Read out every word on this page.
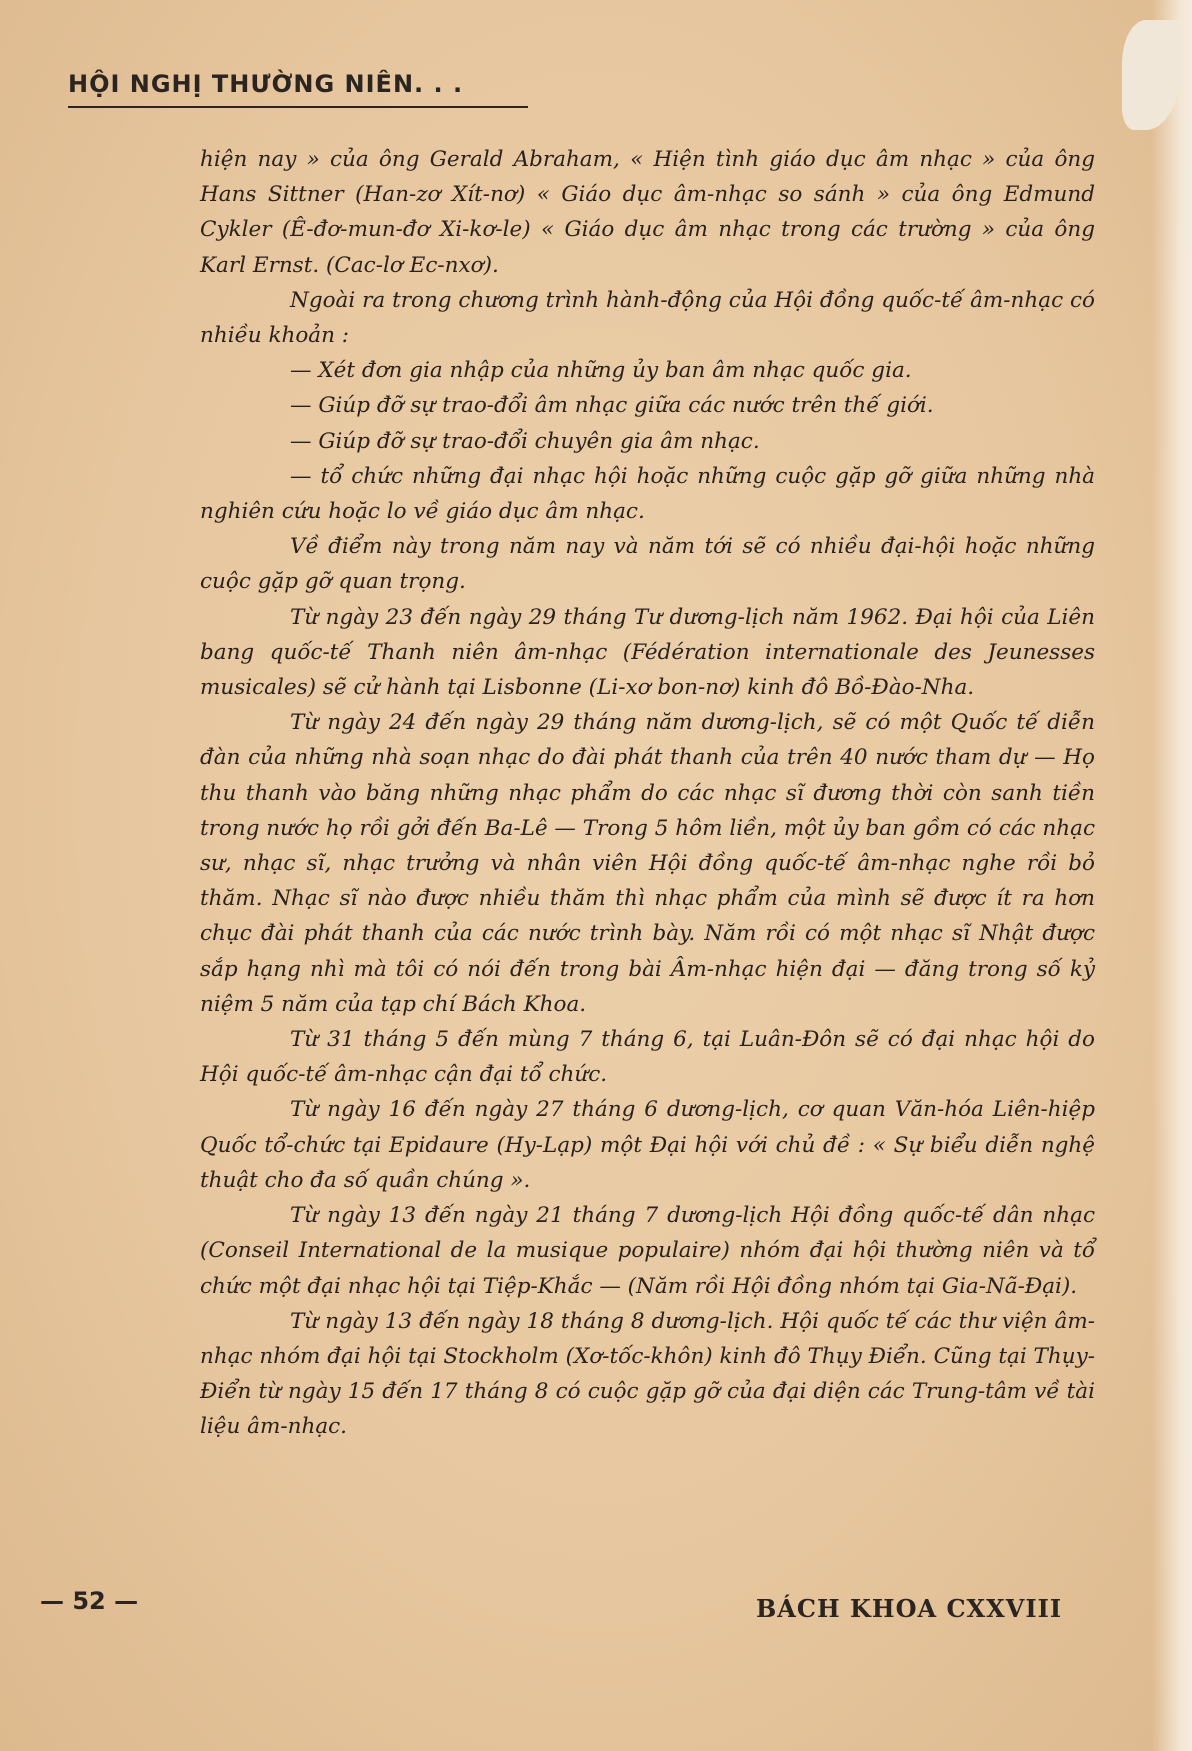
HỘI NGHỊ THƯỜNG NIÊN. . .

hiện nay » của ông Gerald Abraham, « Hiện tình giáo dục âm nhạc » của ông Hans Sittner (Han-zơ Xít-nơ) « Giáo dục âm-nhạc so sánh » của ông Edmund Cykler (Ê-đơ-mun-đơ Xi-kơ-le) « Giáo dục âm nhạc trong các trường » của ông Karl Ernst. (Cac-lơ Ec-nxơ).

Ngoài ra trong chương trình hành-động của Hội đồng quốc-tế âm-nhạc có nhiều khoản :

— Xét đơn gia nhập của những ủy ban âm nhạc quốc gia.

— Giúp đỡ sự trao-đổi âm nhạc giữa các nước trên thế giới.

— Giúp đỡ sự trao-đổi chuyên gia âm nhạc.

— tổ chức những đại nhạc hội hoặc những cuộc gặp gỡ giữa những nhà nghiên cứu hoặc lo về giáo dục âm nhạc.

Về điểm này trong năm nay và năm tới sẽ có nhiều đại-hội hoặc những cuộc gặp gỡ quan trọng.

Từ ngày 23 đến ngày 29 tháng Tư dương-lịch năm 1962. Đại hội của Liên bang quốc-tế Thanh niên âm-nhạc (Fédération internationale des Jeunesses musicales) sẽ cử hành tại Lisbonne (Li-xơ bon-nơ) kinh đô Bồ-Đào-Nha.

Từ ngày 24 đến ngày 29 tháng năm dương-lịch, sẽ có một Quốc tế diễn đàn của những nhà soạn nhạc do đài phát thanh của trên 40 nước tham dự — Họ thu thanh vào băng những nhạc phẩm do các nhạc sĩ đương thời còn sanh tiền trong nước họ rồi gởi đến Ba-Lê — Trong 5 hôm liền, một ủy ban gồm có các nhạc sư, nhạc sĩ, nhạc trưởng và nhân viên Hội đồng quốc-tế âm-nhạc nghe rồi bỏ thăm. Nhạc sĩ nào được nhiều thăm thì nhạc phẩm của mình sẽ được ít ra hơn chục đài phát thanh của các nước trình bày. Năm rồi có một nhạc sĩ Nhật được sắp hạng nhì mà tôi có nói đến trong bài Âm-nhạc hiện đại — đăng trong số kỷ niệm 5 năm của tạp chí Bách Khoa.

Từ 31 tháng 5 đến mùng 7 tháng 6, tại Luân-Đôn sẽ có đại nhạc hội do Hội quốc-tế âm-nhạc cận đại tổ chức.

Từ ngày 16 đến ngày 27 tháng 6 dương-lịch, cơ quan Văn-hóa Liên-hiệp Quốc tổ-chức tại Epidaure (Hy-Lạp) một Đại hội với chủ đề : « Sự biểu diễn nghệ thuật cho đa số quần chúng ».

Từ ngày 13 đến ngày 21 tháng 7 dương-lịch Hội đồng quốc-tế dân nhạc (Conseil International de la musique populaire) nhóm đại hội thường niên và tổ chức một đại nhạc hội tại Tiệp-Khắc — (Năm rồi Hội đồng nhóm tại Gia-Nã-Đại).

Từ ngày 13 đến ngày 18 tháng 8 dương-lịch. Hội quốc tế các thư viện âm-nhạc nhóm đại hội tại Stockholm (Xơ-tốc-khôn) kinh đô Thụy Điển. Cũng tại Thụy-Điển từ ngày 15 đến 17 tháng 8 có cuộc gặp gỡ của đại diện các Trung-tâm về tài liệu âm-nhạc.

— 52 —	BÁCH KHOA CXXVIII
